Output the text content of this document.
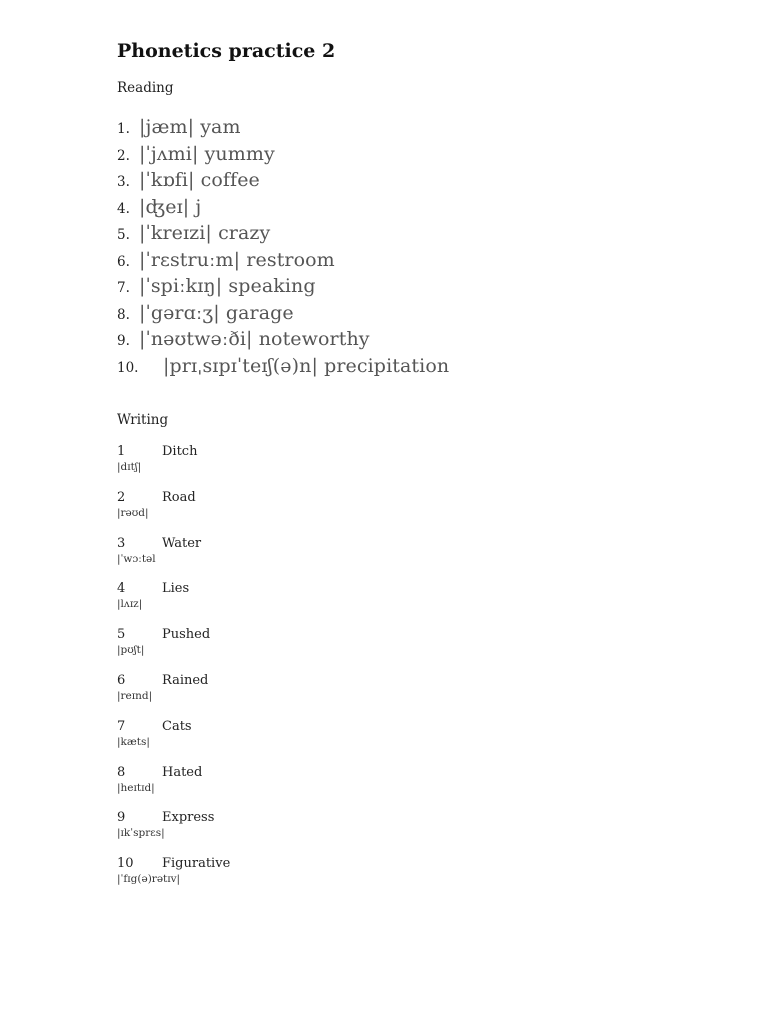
Phonetics practice 2
Reading
1. |jæm| yam
2. |ˈjʌmi| yummy
3. |ˈkɒfi| coffee
4. |ʤeɪ| j
5. |ˈkreɪzi| crazy
6. |ˈrɛstruːm| restroom
7. |ˈspiːkɪŋ| speaking
8. |ˈgərɑːʒ| garage
9. |ˈnəʊtwəːði| noteworthy
10.	|prɪˌsɪpɪˈteɪʃ(ə)n| precipitation
Writing
1	Ditch
|dɪtʃ|
2	Road
|rəʊd|
3	Water
|ˈwɔːtəl
4	Lies
|lʌɪz|
5	Pushed
|pʊʃt|
6	Rained
|reɪnd|
7	Cats
|kæts|
8	Hated
|heɪtɪd|
9	Express
|ɪkˈsprɛs|
10 Figurative
|ˈfɪg(ə)rətɪv|
